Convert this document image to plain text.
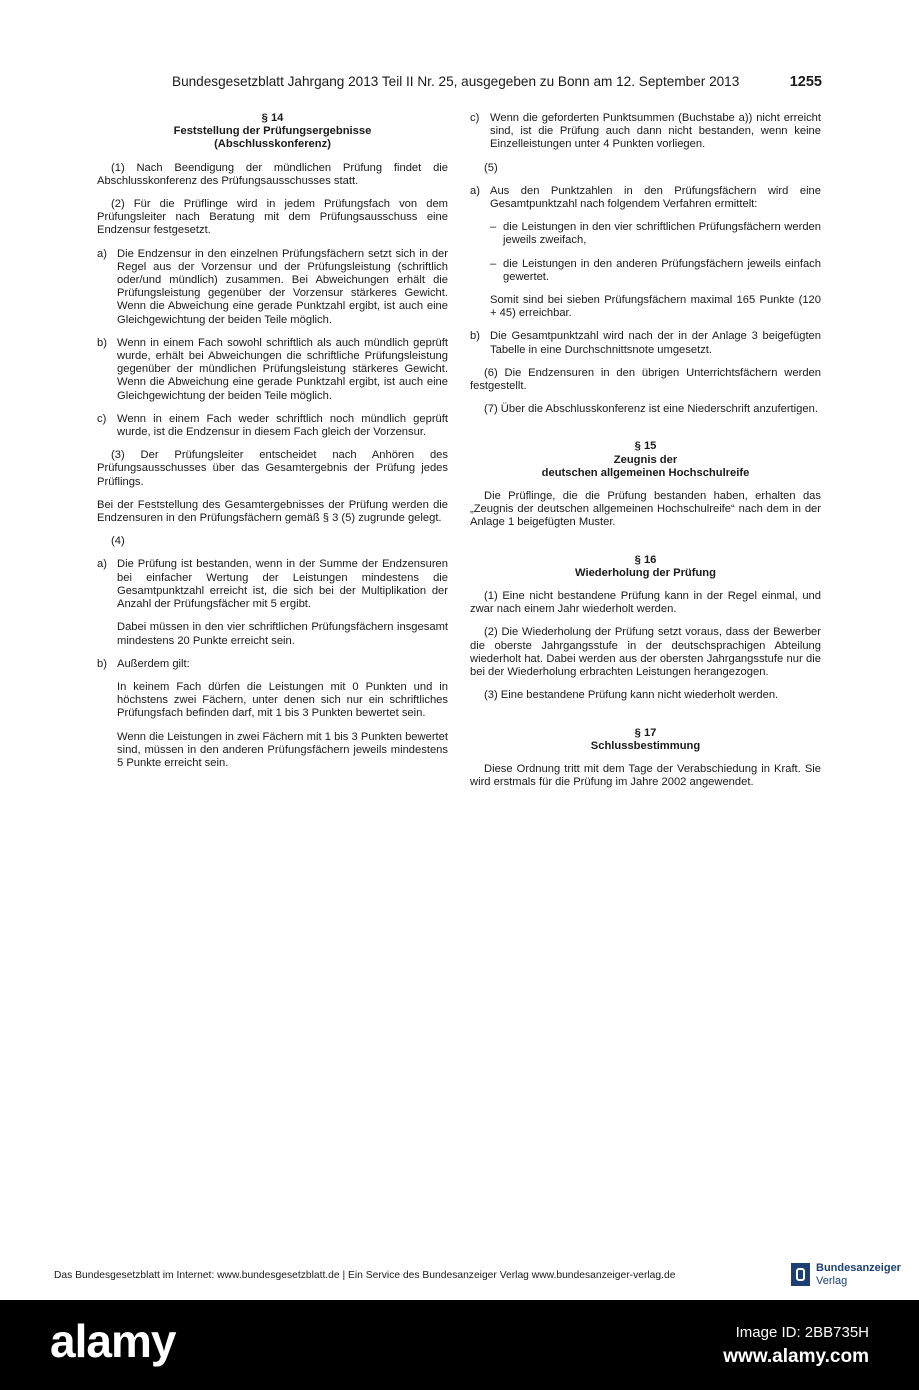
Bundesgesetzblatt Jahrgang 2013 Teil II Nr. 25, ausgegeben zu Bonn am 12. September 2013	1255
§ 14
Feststellung der Prüfungsergebnisse
(Abschlusskonferenz)
(1) Nach Beendigung der mündlichen Prüfung findet die Abschlusskonferenz des Prüfungsausschusses statt.
(2) Für die Prüflinge wird in jedem Prüfungsfach von dem Prüfungsleiter nach Beratung mit dem Prüfungsausschuss eine Endzensur festgesetzt.
a) Die Endzensur in den einzelnen Prüfungsfächern setzt sich in der Regel aus der Vorzensur und der Prüfungsleistung (schriftlich oder/und mündlich) zusammen. Bei Abweichungen erhält die Prüfungsleistung gegenüber der Vorzensur stärkeres Gewicht. Wenn die Abweichung eine gerade Punktzahl ergibt, ist auch eine Gleichgewichtung der beiden Teile möglich.
b) Wenn in einem Fach sowohl schriftlich als auch mündlich geprüft wurde, erhält bei Abweichungen die schriftliche Prüfungsleistung gegenüber der mündlichen Prüfungsleistung stärkeres Gewicht. Wenn die Abweichung eine gerade Punktzahl ergibt, ist auch eine Gleichgewichtung der beiden Teile möglich.
c) Wenn in einem Fach weder schriftlich noch mündlich geprüft wurde, ist die Endzensur in diesem Fach gleich der Vorzensur.
(3) Der Prüfungsleiter entscheidet nach Anhören des Prüfungsausschusses über das Gesamtergebnis der Prüfung jedes Prüflings.
Bei der Feststellung des Gesamtergebnisses der Prüfung werden die Endzensuren in den Prüfungsfächern gemäß § 3 (5) zugrunde gelegt.
(4)
a) Die Prüfung ist bestanden, wenn in der Summe der Endzensuren bei einfacher Wertung der Leistungen mindestens die Gesamtpunktzahl erreicht ist, die sich bei der Multiplikation der Anzahl der Prüfungsfächer mit 5 ergibt.
Dabei müssen in den vier schriftlichen Prüfungsfächern insgesamt mindestens 20 Punkte erreicht sein.
b) Außerdem gilt:
In keinem Fach dürfen die Leistungen mit 0 Punkten und in höchstens zwei Fächern, unter denen sich nur ein schriftliches Prüfungsfach befinden darf, mit 1 bis 3 Punkten bewertet sein.
Wenn die Leistungen in zwei Fächern mit 1 bis 3 Punkten bewertet sind, müssen in den anderen Prüfungsfächern jeweils mindestens 5 Punkte erreicht sein.
c) Wenn die geforderten Punktsummen (Buchstabe a)) nicht erreicht sind, ist die Prüfung auch dann nicht bestanden, wenn keine Einzelleistungen unter 4 Punkten vorliegen.
(5)
a) Aus den Punktzahlen in den Prüfungsfächern wird eine Gesamtpunktzahl nach folgendem Verfahren ermittelt:
– die Leistungen in den vier schriftlichen Prüfungsfächern werden jeweils zweifach,
– die Leistungen in den anderen Prüfungsfächern jeweils einfach gewertet.
Somit sind bei sieben Prüfungsfächern maximal 165 Punkte (120 + 45) erreichbar.
b) Die Gesamtpunktzahl wird nach der in der Anlage 3 beigefügten Tabelle in eine Durchschnittsnote umgesetzt.
(6) Die Endzensuren in den übrigen Unterrichtsfächern werden festgestellt.
(7) Über die Abschlusskonferenz ist eine Niederschrift anzufertigen.
§ 15
Zeugnis der
deutschen allgemeinen Hochschulreife
Die Prüflinge, die die Prüfung bestanden haben, erhalten das „Zeugnis der deutschen allgemeinen Hochschulreife“ nach dem in der Anlage 1 beigefügten Muster.
§ 16
Wiederholung der Prüfung
(1) Eine nicht bestandene Prüfung kann in der Regel einmal, und zwar nach einem Jahr wiederholt werden.
(2) Die Wiederholung der Prüfung setzt voraus, dass der Bewerber die oberste Jahrgangsstufe in der deutschsprachigen Abteilung wiederholt hat. Dabei werden aus der obersten Jahrgangsstufe nur die bei der Wiederholung erbrachten Leistungen herangezogen.
(3) Eine bestandene Prüfung kann nicht wiederholt werden.
§ 17
Schlussbestimmung
Diese Ordnung tritt mit dem Tage der Verabschiedung in Kraft. Sie wird erstmals für die Prüfung im Jahre 2002 angewendet.
Das Bundesgesetzblatt im Internet: www.bundesgesetzblatt.de | Ein Service des Bundesanzeiger Verlag www.bundesanzeiger-verlag.de
Bundesanzeiger
Verlag
alamy	Image ID: 2BB735H
www.alamy.com
